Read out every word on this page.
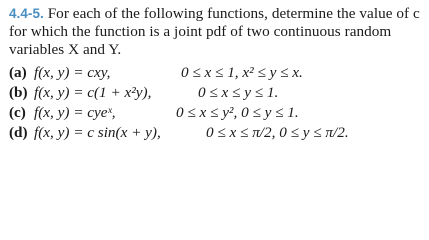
4.4-5. For each of the following functions, determine the value of c for which the function is a joint pdf of two continuous random variables X and Y.
(a) f(x, y) = cxy,	0 ≤ x ≤ 1, x² ≤ y ≤ x.
(b) f(x, y) = c(1 + x²y),	0 ≤ x ≤ y ≤ 1.
(c) f(x, y) = cyeˣ,	0 ≤ x ≤ y², 0 ≤ y ≤ 1.
(d) f(x, y) = c sin(x + y),	0 ≤ x ≤ π/2, 0 ≤ y ≤ π/2.
